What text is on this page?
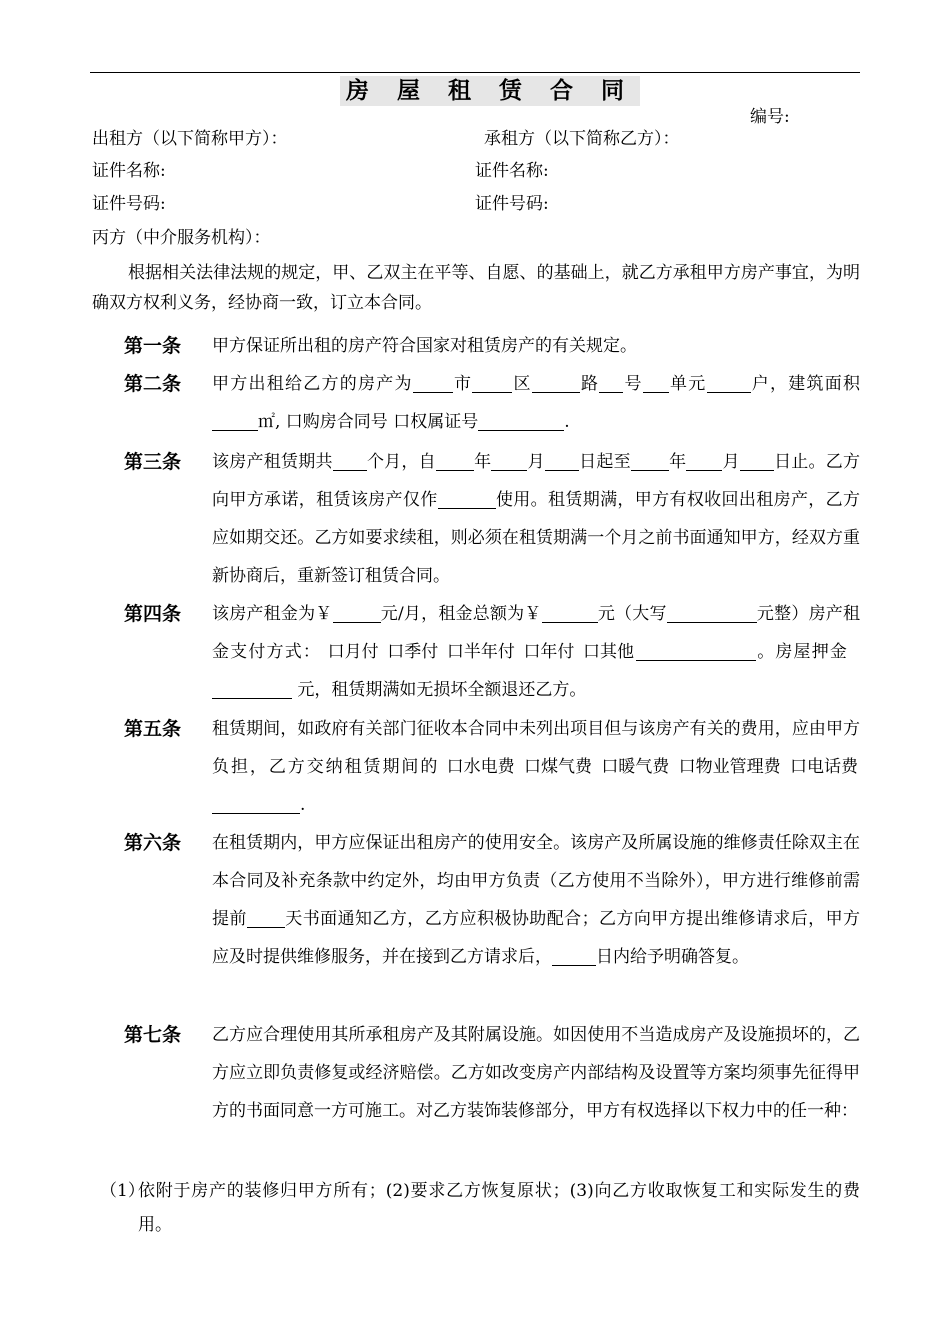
房 屋 租 赁 合 同
编号:
出租方（以下简称甲方）：	承租方（以下简称乙方）：
证件名称:	证件名称:
证件号码:	证件号码:
丙方（中介服务机构）：
根据相关法律法规的规定，甲、乙双主在平等、自愿、的基础上，就乙方承租甲方房产事宜，为明确双方权利义务，经协商一致，订立本合同。
第一条	甲方保证所出租的房产符合国家对租赁房产的有关规定。
第二条	甲方出租给乙方的房产为 市 区	路 号 单元	户，建筑面积㎡, 口购房合同号 口权属证号	.
第三条	该房产租赁期共 个月，自 年 月 日起至 年 月 日止。乙方向甲方承诺，租赁该房产仅作	使用。租赁期满，甲方有权收回出租房产，乙方应如期交还。乙方如要求续租，则必须在租赁期满一个月之前书面通知甲方，经双方重新协商后，重新签订租赁合同。
第四条	该房产租金为￥	元/月，租金总额为￥	元（大写	元整）房产租金支付方式： 口月付 口季付 口半年付 口年付 口其他	。房屋押金   元，租赁期满如无损坏全额退还乙方。
第五条	租赁期间，如政府有关部门征收本合同中未列出项目但与该房产有关的费用，应由甲方负担，乙方交纳租赁期间的 口水电费 口煤气费 口暖气费 口物业管理费 口电话费.
第六条	在租赁期内，甲方应保证出租房产的使用安全。该房产及所属设施的维修责任除双主在本合同及补充条款中约定外，均由甲方负责（乙方使用不当除外），甲方进行维修前需提前 天书面通知乙方，乙方应积极协助配合；乙方向甲方提出维修请求后，甲方应及时提供维修服务，并在接到乙方请求后，	日内给予明确答复。
第七条	乙方应合理使用其所承租房产及其附属设施。如因使用不当造成房产及设施损坏的，乙方应立即负责修复或经济赔偿。乙方如改变房产内部结构及设置等方案均须事先征得甲方的书面同意一方可施工。对乙方装饰装修部分，甲方有权选择以下权力中的任一种：
（1）
依附于房产的装修归甲方所有；(2)要求乙方恢复原状；(3)向乙方收取恢复工和实际发生的费用。
